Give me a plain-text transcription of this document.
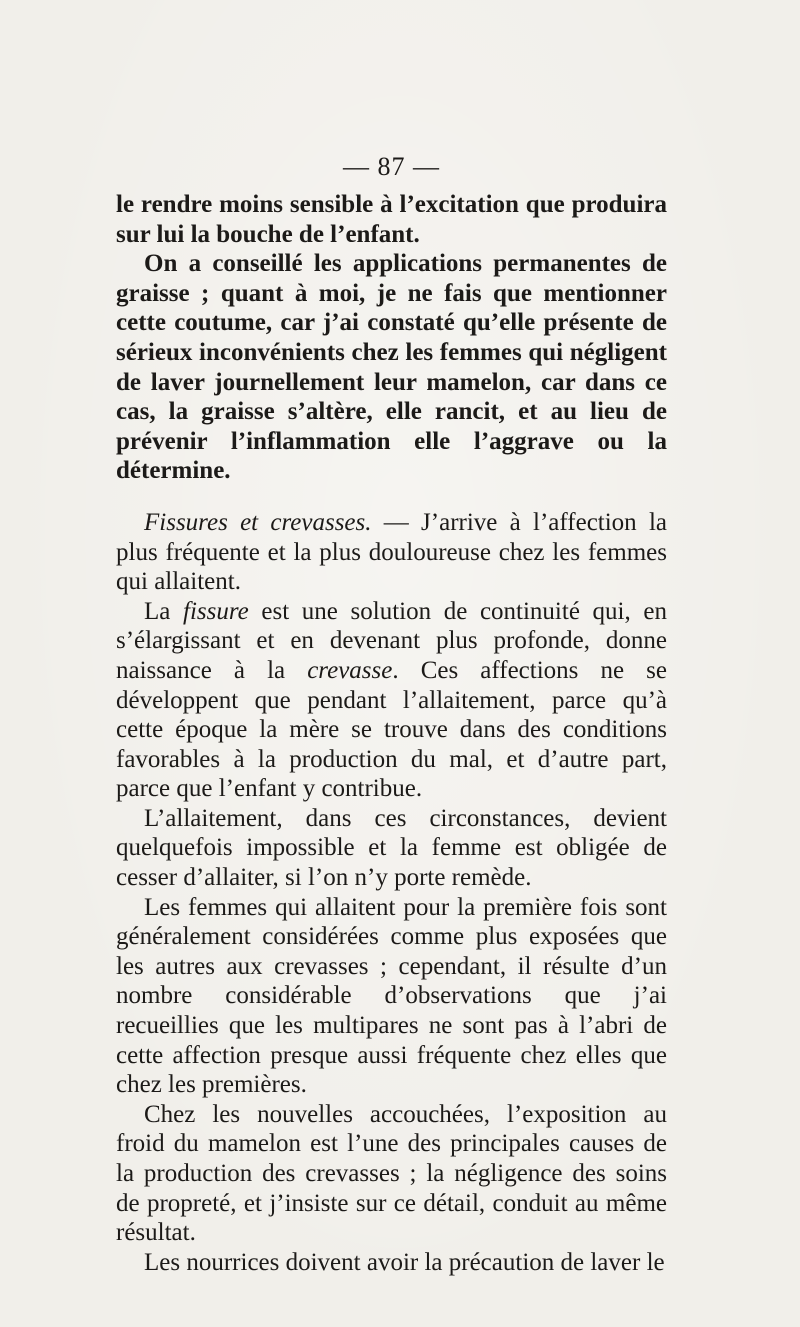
— 87 —

le rendre moins sensible à l’excitation que produira sur lui la bouche de l’enfant.

On a conseillé les applications permanentes de graisse ; quant à moi, je ne fais que mentionner cette coutume, car j’ai constaté qu’elle présente de sérieux inconvénients chez les femmes qui négligent de laver journellement leur mamelon, car dans ce cas, la graisse s’altère, elle rancit, et au lieu de prévenir l’inflammation elle l’aggrave ou la détermine.

Fissures et crevasses. — J’arrive à l’affection la plus fréquente et la plus douloureuse chez les femmes qui allaitent.

La fissure est une solution de continuité qui, en s’élargissant et en devenant plus profonde, donne naissance à la crevasse. Ces affections ne se développent que pendant l’allaitement, parce qu’à cette époque la mère se trouve dans des conditions favorables à la production du mal, et d’autre part, parce que l’enfant y contribue.

L’allaitement, dans ces circonstances, devient quelquefois impossible et la femme est obligée de cesser d’allaiter, si l’on n’y porte remède.

Les femmes qui allaitent pour la première fois sont généralement considérées comme plus exposées que les autres aux crevasses ; cependant, il résulte d’un nombre considérable d’observations que j’ai recueillies que les multipares ne sont pas à l’abri de cette affection presque aussi fréquente chez elles que chez les premières.

Chez les nouvelles accouchées, l’exposition au froid du mamelon est l’une des principales causes de la production des crevasses ; la négligence des soins de propreté, et j’insiste sur ce détail, conduit au même résultat.

Les nourrices doivent avoir la précaution de laver le
